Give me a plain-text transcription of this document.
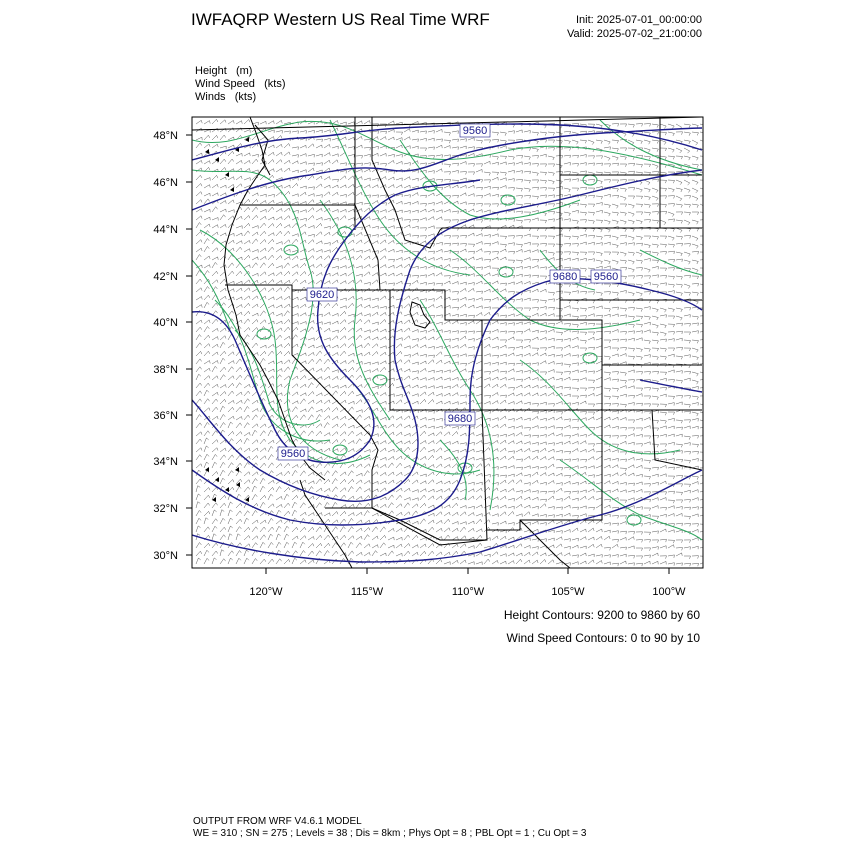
IWFAQRP Western US Real Time WRF	Init: 2025-07-01_00:00:00
Valid: 2025-07-02_21:00:00
Height   (m)
Wind Speed   (kts)
Winds   (kts)
48°N
46°N
44°N
42°N
40°N
38°N
36°N
34°N
32°N
30°N
120°W	115°W	110°W	105°W	100°W
9560
9560
9620
9680
9680
9560
Height Contours: 9200 to 9860 by 60
Wind Speed Contours: 0 to 90 by 10
OUTPUT FROM WRF V4.6.1 MODEL
WE = 310 ; SN = 275 ; Levels = 38 ; Dis = 8km ; Phys Opt = 8 ; PBL Opt = 1 ; Cu Opt = 3
